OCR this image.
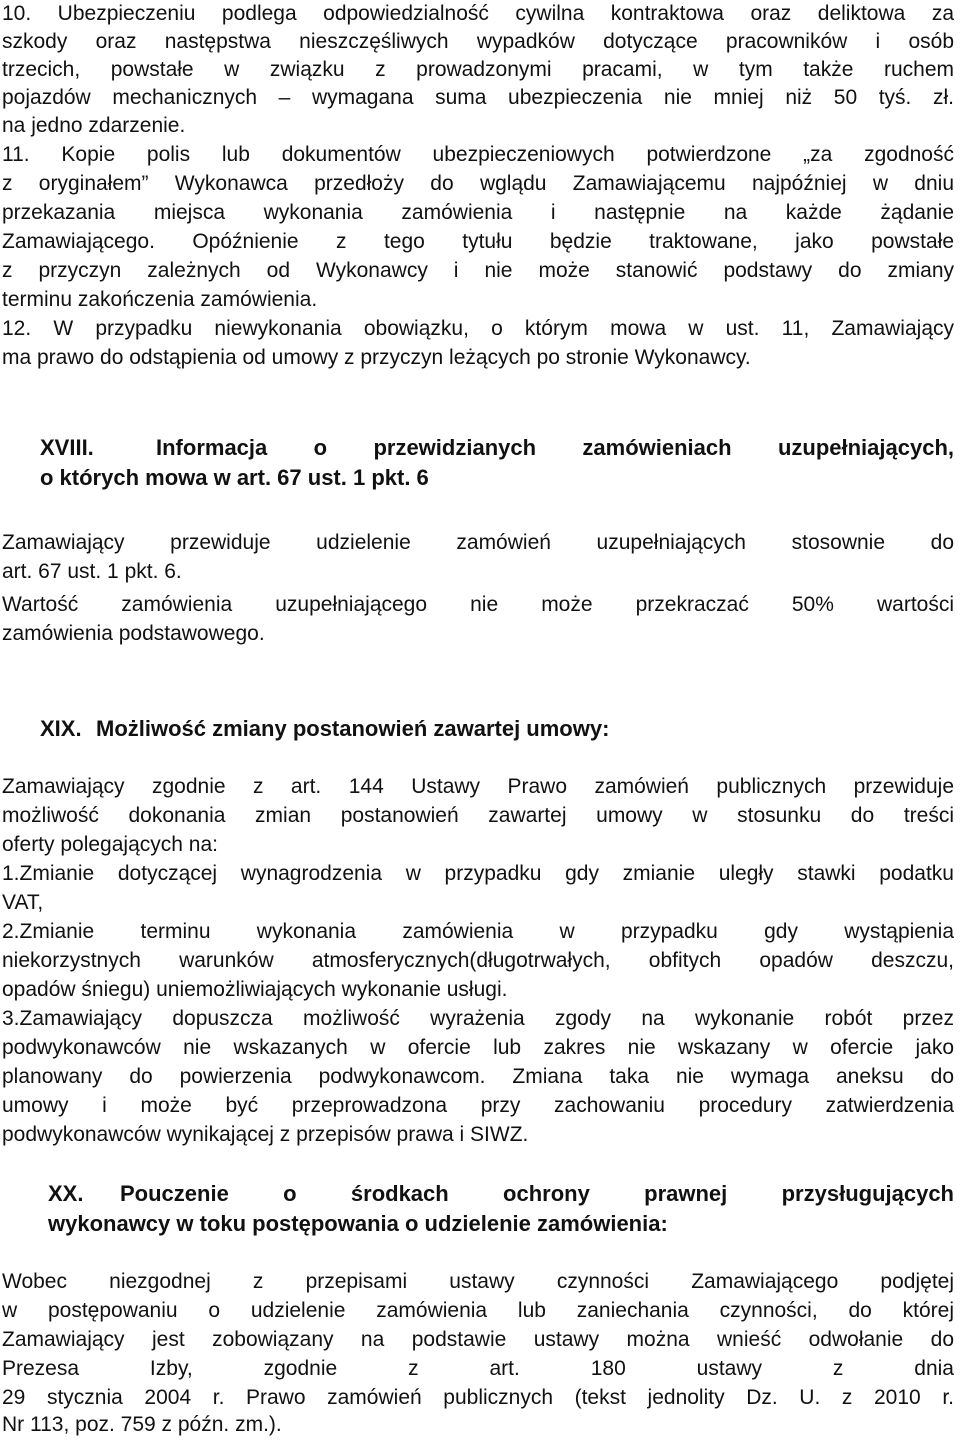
10. Ubezpieczeniu podlega odpowiedzialność cywilna kontraktowa oraz deliktowa za
szkody oraz następstwa nieszczęśliwych wypadków dotyczące pracowników i osób
trzecich, powstałe w związku z prowadzonymi pracami, w tym także ruchem
pojazdów mechanicznych – wymagana suma ubezpieczenia nie mniej niż 50 tyś. zł.
na jedno zdarzenie.
11. Kopie polis lub dokumentów ubezpieczeniowych potwierdzone „za zgodność
z oryginałem” Wykonawca przedłoży do wglądu Zamawiającemu najpóźniej w dniu
przekazania miejsca wykonania zamówienia i następnie na każde żądanie
Zamawiającego. Opóźnienie z tego tytułu będzie traktowane, jako powstałe
z przyczyn zależnych od Wykonawcy i nie może stanowić podstawy do zmiany
terminu zakończenia zamówienia.
12. W przypadku niewykonania obowiązku, o którym mowa w ust. 11, Zamawiający
ma prawo do odstąpienia od umowy z przyczyn leżących po stronie Wykonawcy.
XVIII.	Informacja o przewidzianych zamówieniach uzupełniających,
o których mowa w art. 67 ust. 1 pkt. 6
Zamawiający przewiduje udzielenie zamówień uzupełniających stosownie do
art. 67 ust. 1 pkt. 6.
Wartość zamówienia uzupełniającego nie może przekraczać 50% wartości
zamówienia podstawowego.
XIX. Możliwość zmiany postanowień zawartej umowy:
Zamawiający zgodnie z art. 144 Ustawy Prawo zamówień publicznych przewiduje
możliwość dokonania zmian postanowień zawartej umowy w stosunku do treści
oferty polegających na:
1.Zmianie dotyczącej wynagrodzenia w przypadku gdy zmianie uległy stawki podatku
VAT,
2.Zmianie terminu wykonania zamówienia w przypadku gdy wystąpienia
niekorzystnych warunków atmosferycznych(długotrwałych, obfitych opadów deszczu,
opadów śniegu) uniemożliwiających wykonanie usługi.
3.Zamawiający dopuszcza możliwość wyrażenia zgody na wykonanie robót przez
podwykonawców nie wskazanych w ofercie lub zakres nie wskazany w ofercie jako
planowany do powierzenia podwykonawcom. Zmiana taka nie wymaga aneksu do
umowy i może być przeprowadzona przy zachowaniu procedury zatwierdzenia
podwykonawców wynikającej z przepisów prawa i SIWZ.
XX. Pouczenie o środkach ochrony prawnej przysługujących
wykonawcy w toku postępowania o udzielenie zamówienia:
Wobec niezgodnej z przepisami ustawy czynności Zamawiającego podjętej
w postępowaniu o udzielenie zamówienia lub zaniechania czynności, do której
Zamawiający jest zobowiązany na podstawie ustawy można wnieść odwołanie do
Prezesa Izby, zgodnie z art. 180 ustawy z dnia
29 stycznia 2004 r. Prawo zamówień publicznych (tekst jednolity Dz. U. z 2010 r.
Nr 113, poz. 759 z późn. zm.).
